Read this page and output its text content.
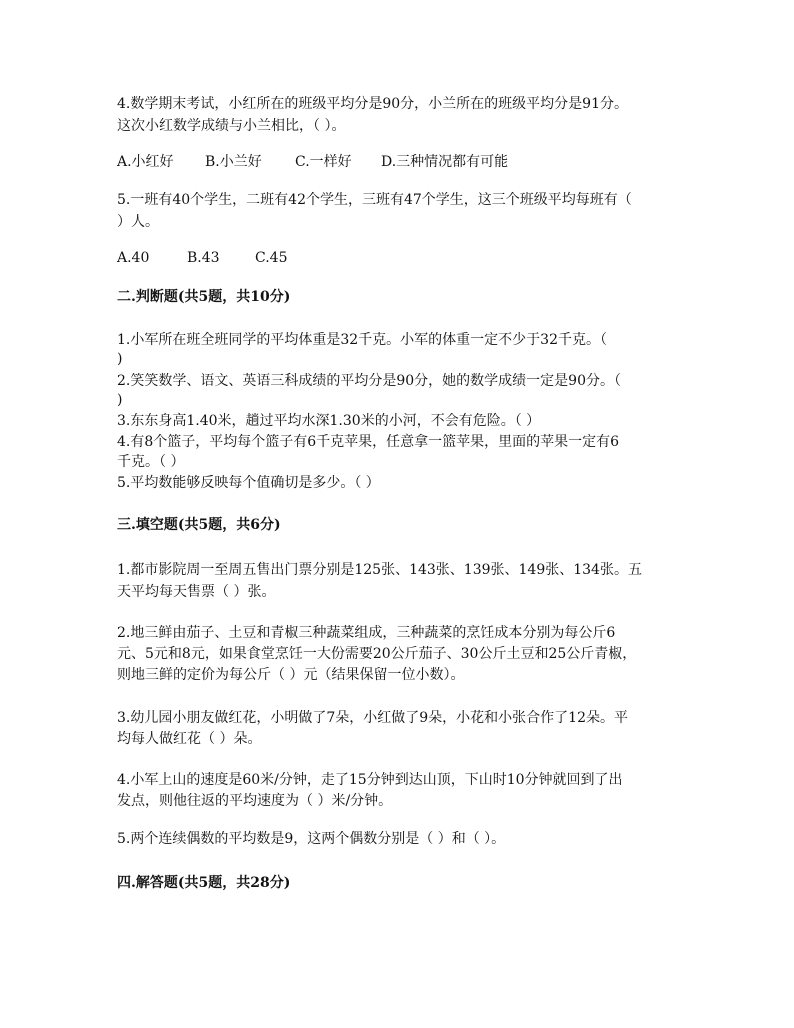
4.数学期末考试，小红所在的班级平均分是90分，小兰所在的班级平均分是91分。
这次小红数学成绩与小兰相比，（ ）。
A.小红好 B.小兰好 C.一样好 D.三种情况都有可能
5.一班有40个学生，二班有42个学生，三班有47个学生，这三个班级平均每班有（
）人。
A.40	B.43	C.45
二.判断题(共5题，共10分)
1.小军所在班全班同学的平均体重是32千克。小军的体重一定不少于32千克。（
)
2.笑笑数学、语文、英语三科成绩的平均分是90分，她的数学成绩一定是90分。（
)
3.东东身高1.40米，趟过平均水深1.30米的小河，不会有危险。（ ）
4.有8个篮子，平均每个篮子有6千克苹果，任意拿一篮苹果，里面的苹果一定有6
千克。（ ）
5.平均数能够反映每个值确切是多少。（ ）
三.填空题(共5题，共6分)
1.都市影院周一至周五售出门票分别是125张、143张、139张、149张、134张。五
天平均每天售票（ ）张。
2.地三鲜由茄子、土豆和青椒三种蔬菜组成，三种蔬菜的烹饪成本分别为每公斤6
元、5元和8元，如果食堂烹饪一大份需要20公斤茄子、30公斤土豆和25公斤青椒，
则地三鲜的定价为每公斤（ ）元（结果保留一位小数）。
3.幼儿园小朋友做红花，小明做了7朵，小红做了9朵，小花和小张合作了12朵。平
均每人做红花（ ）朵。
4.小军上山的速度是60米/分钟，走了15分钟到达山顶，下山时10分钟就回到了出
发点，则他往返的平均速度为（ ）米/分钟。
5.两个连续偶数的平均数是9，这两个偶数分别是（ ）和（ ）。
四.解答题(共5题，共28分)
